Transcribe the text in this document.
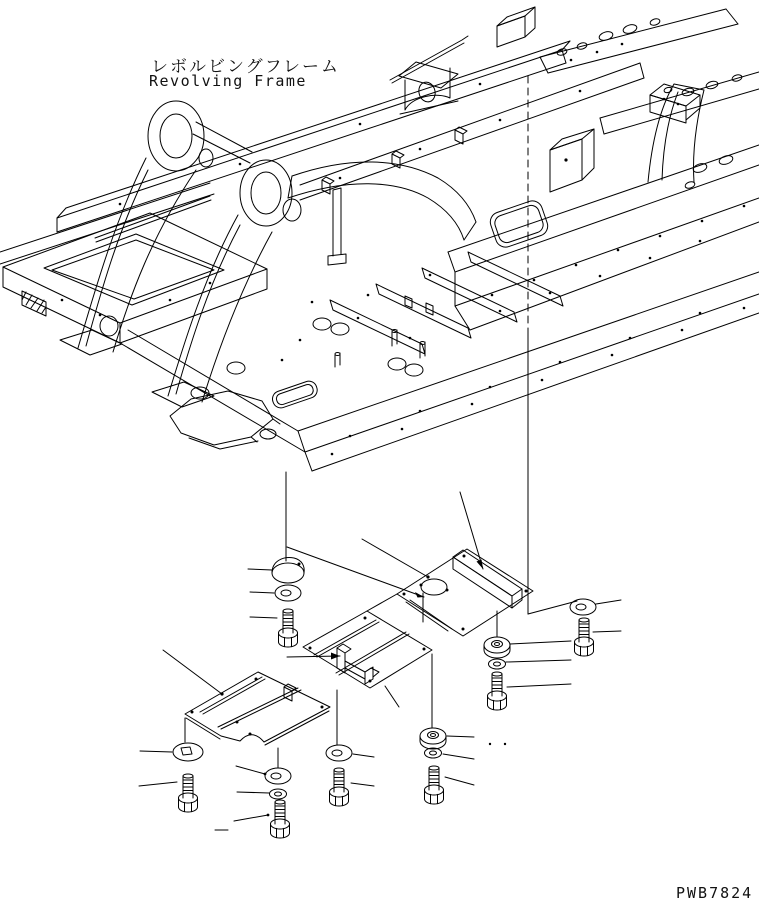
レボルビングフレーム
Revolving Frame
PWB7824
